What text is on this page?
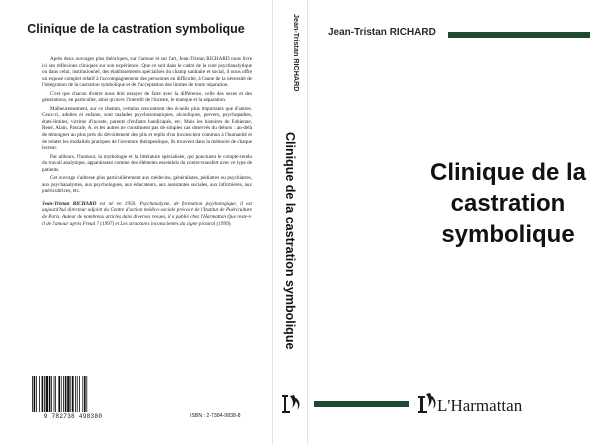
Clinique de la castration symbolique

Après deux ouvrages plus théoriques, sur l'amour et sur l'art, Jean-Tristan RICHARD nous livre ici ses réflexions cliniques sur son expérience. Que ce soit dans le cadre de la cure psychanalytique ou dans celui, institutionnel, des établissements spécialisés du champ sanitaire et social, il nous offre un exposé complet relatif à l'accompagnement des personnes en difficulté, à l'aune de la nécessité de l'intégration de la castration symbolique et de l'acceptation des limites de toute réparation.

C'est que chacun d'entre nous doit essayer de faire avec la différence, celle des sexes et des générations, en particulier, ainsi qu'avec l'interdit de l'inceste, le manque et la séparation.

Malheureusement, sur ce chemin, certains rencontrent des écueils plus importants que d'autres. Ceux-ci, adultes et enfants, sont malades psychosomatiques, alcooliques, pervers, psychopathes, états-limites, victime d'inceste, parents d'enfants handicapés, etc. Mais les histoires de Fabienne, René, Alain, Pascale, A. et les autres ne constituent pas de simples cas observés du dehors : au-delà de témoigner au plus près du dévoilement des plis et replis d'un inconscient commun à l'humanité et de relater les modalités pratiques de l'aventure thérapeutique, ils trouvent dans la mémoire de chaque lecteur.

Par ailleurs, l'humour, la mythologie et la littérature spécialisée, qui ponctuent le compte-rendu du travail analytique, apparaissent comme des éléments essentiels du contre-transfert avec ce type de patients.

Cet ouvrage s'adresse plus particulièrement aux médecins, généralistes, pédiatres ou psychiatres, aux psychanalystes, aux psychologues, aux éducateurs, aux assistantes sociales, aux infirmières, aux puéricultrices, etc.

Jean-Tristan RICHARD est né en 1950. Psychanalyste, de formation psychologique, il est aujourd'hui directeur adjoint du Centre d'action médico-sociale précoce de l'Institut de Puériculture de Paris. Auteur de nombreux articles dans diverses revues, il a publié chez l'Harmattan Que reste-t-il de l'amour après Freud ? (1997) et Les structures inconscientes du signe pictural (1999).

9 782738 498380	ISBN : 2-7384-9838-8
Jean-Tristan RICHARD
Clinique de la castration symbolique
Jean-Tristan RICHARD
Clinique de la
castration
symbolique
L'Harmattan
